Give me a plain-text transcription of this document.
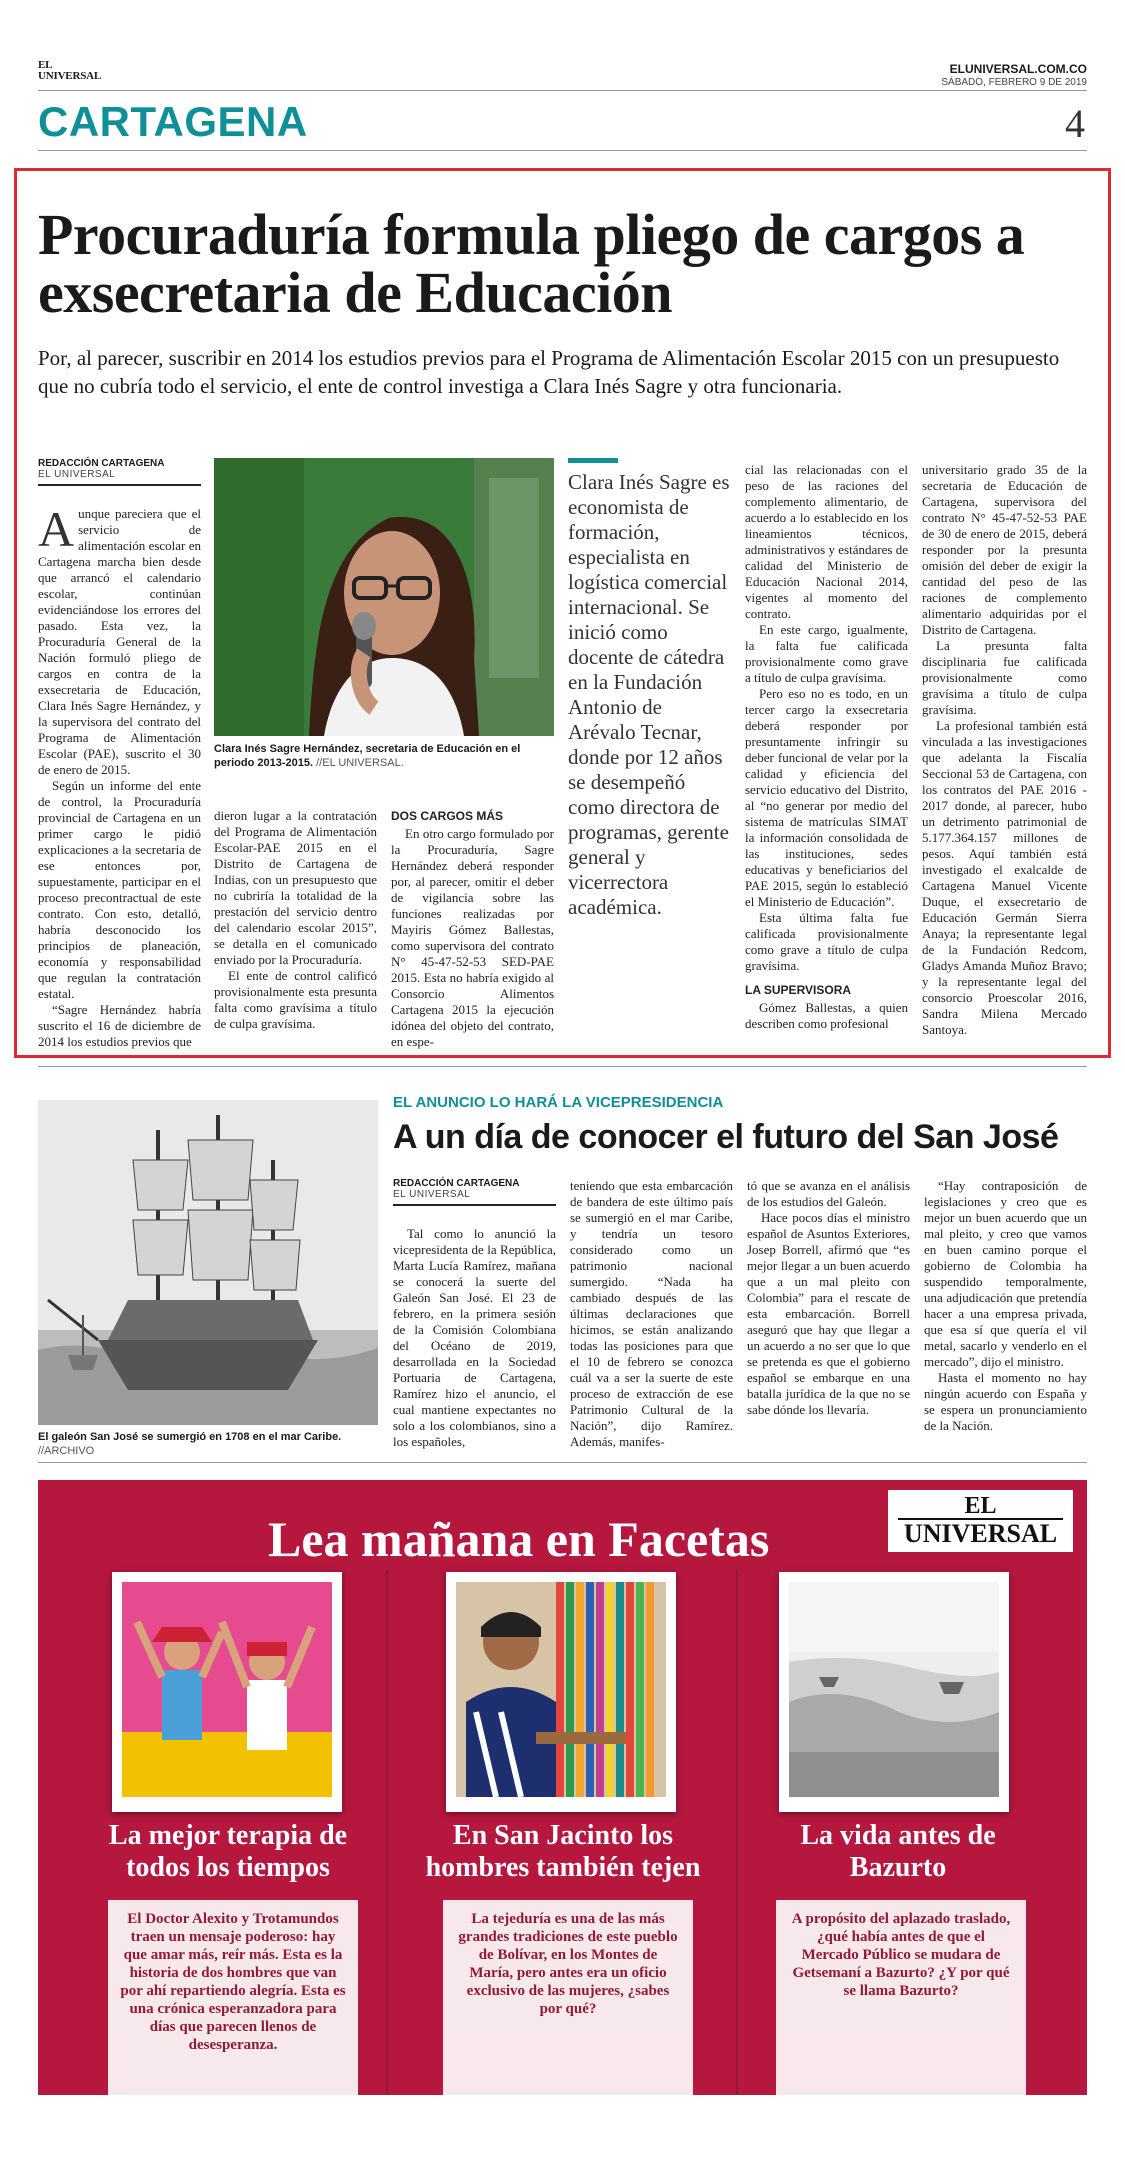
EL
UNIVERSAL	ELUNIVERSAL.COM.CO
SÁBADO, FEBRERO 9 DE 2019
CARTAGENA	4
Procuraduría formula pliego de cargos a exsecretaria de Educación

Por, al parecer, suscribir en 2014 los estudios previos para el Programa de Alimentación Escolar 2015 con un presupuesto que no cubría todo el servicio, el ente de control investiga a Clara Inés Sagre y otra funcionaria.

REDACCIÓN CARTAGENA
EL UNIVERSAL

Aunque pareciera que el servicio de alimentación escolar en Cartagena marcha bien desde que arrancó el calendario escolar, continúan evidenciándose los errores del pasado. Esta vez, la Procuraduría General de la Nación formuló pliego de cargos en contra de la exsecretaria de Educación, Clara Inés Sagre Hernández, y la supervisora del contrato del Programa de Alimentación Escolar (PAE), suscrito el 30 de enero de 2015.

Según un informe del ente de control, la Procuraduría provincial de Cartagena en un primer cargo le pidió explicaciones a la secretaria de ese entonces por, supuestamente, participar en el proceso precontractual de este contrato. Con esto, detalló, habría desconocido los principios de planeación, economía y responsabilidad que regulan la contratación estatal.

“Sagre Hernández habría suscrito el 16 de diciembre de 2014 los estudios previos que

Clara Inés Sagre Hernández, secretaria de Educación en el periodo 2013-2015. //EL UNIVERSAL.

dieron lugar a la contratación del Programa de Alimentación Escolar-PAE 2015 en el Distrito de Cartagena de Indias, con un presupuesto que no cubriría la totalidad de la prestación del servicio dentro del calendario escolar 2015”, se detalla en el comunicado enviado por la Procuraduría.

El ente de control calificó provisionalmente esta presunta falta como gravísima a título de culpa gravísima.

DOS CARGOS MÁS

En otro cargo formulado por la Procuraduría, Sagre Hernández deberá responder por, al parecer, omitir el deber de vigilancia sobre las funciones realizadas por Mayiris Gómez Ballestas, como supervisora del contrato N° 45-47-52-53 SED-PAE 2015. Esta no habría exigido al Consorcio Alimentos Cartagena 2015 la ejecución idónea del objeto del contrato, en espe-

Clara Inés Sagre es economista de formación, especialista en logística comercial internacional. Se inició como docente de cátedra en la Fundación Antonio de Arévalo Tecnar, donde por 12 años se desempeñó como directora de programas, gerente general y vicerrectora académica.

cial las relacionadas con el peso de las raciones del complemento alimentario, de acuerdo a lo establecido en los lineamientos técnicos, administrativos y estándares de calidad del Ministerio de Educación Nacional 2014, vigentes al momento del contrato.

En este cargo, igualmente, la falta fue calificada provisionalmente como grave a título de culpa gravísima.

Pero eso no es todo, en un tercer cargo la exsecretaria deberá responder por presuntamente infringir su deber funcional de velar por la calidad y eficiencia del servicio educativo del Distrito, al “no generar por medio del sistema de matrículas SIMAT la información consolidada de las instituciones, sedes educativas y beneficiarios del PAE 2015, según lo estableció el Ministerio de Educación”.

Esta última falta fue calificada provisionalmente como grave a título de culpa gravísima.

LA SUPERVISORA

Gómez Ballestas, a quien describen como profesional

universitario grado 35 de la secretaria de Educación de Cartagena, supervisora del contrato N° 45-47-52-53 PAE de 30 de enero de 2015, deberá responder por la presunta omisión del deber de exigir la cantidad del peso de las raciones de complemento alimentario adquiridas por el Distrito de Cartagena.

La presunta falta disciplinaria fue calificada provisionalmente como gravísima a título de culpa gravísima.

La profesional también está vinculada a las investigaciones que adelanta la Fiscalía Seccional 53 de Cartagena, con los contratos del PAE 2016 - 2017 donde, al parecer, hubo un detrimento patrimonial de 5.177.364.157 millones de pesos. Aquí también está investigado el exalcalde de Cartagena Manuel Vicente Duque, el exsecretario de Educación Germán Sierra Anaya; la representante legal de la Fundación Redcom, Gladys Amanda Muñoz Bravo; y la representante legal del consorcio Proescolar 2016, Sandra Milena Mercado Santoya.

El galeón San José se sumergió en 1708 en el mar Caribe. //ARCHIVO
EL ANUNCIO LO HARÁ LA VICEPRESIDENCIA
A un día de conocer el futuro del San José
REDACCIÓN CARTAGENA
EL UNIVERSAL

Tal como lo anunció la vicepresidenta de la República, Marta Lucía Ramírez, mañana se conocerá la suerte del Galeón San José. El 23 de febrero, en la primera sesión de la Comisión Colombiana del Océano de 2019, desarrollada en la Sociedad Portuaria de Cartagena, Ramírez hizo el anuncio, el cual mantiene expectantes no solo a los colombianos, sino a los españoles,

teniendo que esta embarcación de bandera de este último país se sumergió en el mar Caribe, y tendría un tesoro considerado como un patrimonio nacional sumergido. “Nada ha cambiado después de las últimas declaraciones que hicimos, se están analizando todas las posiciones para que el 10 de febrero se conozca cuál va a ser la suerte de este proceso de extracción de ese Patrimonio Cultural de la Nación”, dijo Ramírez. Además, manifes-

tó que se avanza en el análisis de los estudios del Galeón.

Hace pocos días el ministro español de Asuntos Exteriores, Josep Borrell, afirmó que “es mejor llegar a un buen acuerdo que a un mal pleito con Colombia” para el rescate de esta embarcación. Borrell aseguró que hay que llegar a un acuerdo a no ser que lo que se pretenda es que el gobierno español se embarque en una batalla jurídica de la que no se sabe dónde los llevaría.

“Hay contraposición de legislaciones y creo que es mejor un buen acuerdo que un mal pleito, y creo que vamos en buen camino porque el gobierno de Colombia ha suspendido temporalmente, una adjudicación que pretendía hacer a una empresa privada, que esa sí que quería el vil metal, sacarlo y venderlo en el mercado”, dijo el ministro.

Hasta el momento no hay ningún acuerdo con España y se espera un pronunciamiento de la Nación.

Lea mañana en Facetas
EL
UNIVERSAL
La mejor terapia de todos los tiempos
El Doctor Alexito y Trotamundos traen un mensaje poderoso: hay que amar más, reír más. Esta es la historia de dos hombres que van por ahí repartiendo alegría. Esta es una crónica esperanzadora para días que parecen llenos de desesperanza.
En San Jacinto los hombres también tejen
La tejeduría es una de las más grandes tradiciones de este pueblo de Bolívar, en los Montes de María, pero antes era un oficio exclusivo de las mujeres, ¿sabes por qué?
La vida antes de Bazurto
A propósito del aplazado traslado, ¿qué había antes de que el Mercado Público se mudara de Getsemaní a Bazurto? ¿Y por qué se llama Bazurto?
